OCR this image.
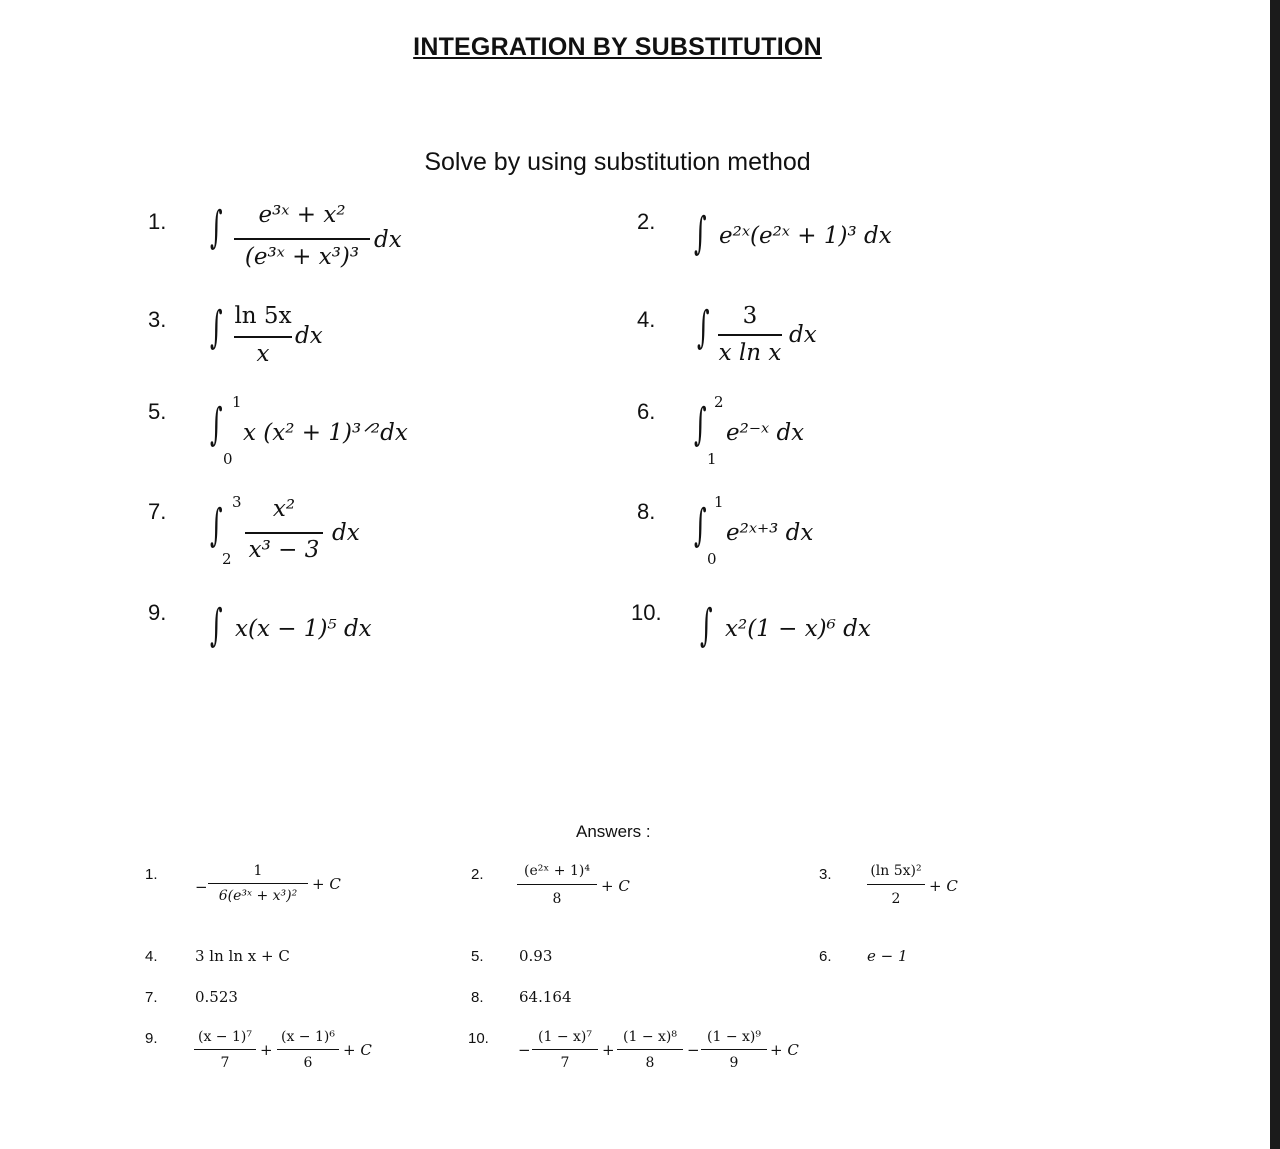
INTEGRATION BY SUBSTITUTION
Solve by using substitution method
1. ∫	e³ˣ + x²
(e³ˣ + x³)³
dx
2. ∫ e²ˣ(e²ˣ + 1)³ dx
3. ∫ ln 5x
x
dx
4. ∫	3
x ln x
dx
5. ∫ 1
0
x (x² + 1)³ᐟ²dx
6. ∫ 2
1
e²⁻ˣ dx
7. ∫ 3
2
x²
x³ − 3
dx
8. ∫ 1
0
e²ˣ⁺³ dx
9. ∫ x(x − 1)⁵ dx
10. ∫ x²(1 − x)⁶ dx
Answers :
1.
−
1
6(e³ˣ + x³)²
+ C
2.	(e²ˣ + 1)⁴
8
+ C
3.	(ln 5x)²
2
+ C
4. 3 ln ln x + C	5. 0.93	6. e − 1
7. 0.523	8. 64.164
9.	(x − 1)⁷
7
+
(x − 1)⁶
6
+ C
10.
−
(1 − x)⁷
7
+
(1 − x)⁸
8
−
(1 − x)⁹
9
+ C
